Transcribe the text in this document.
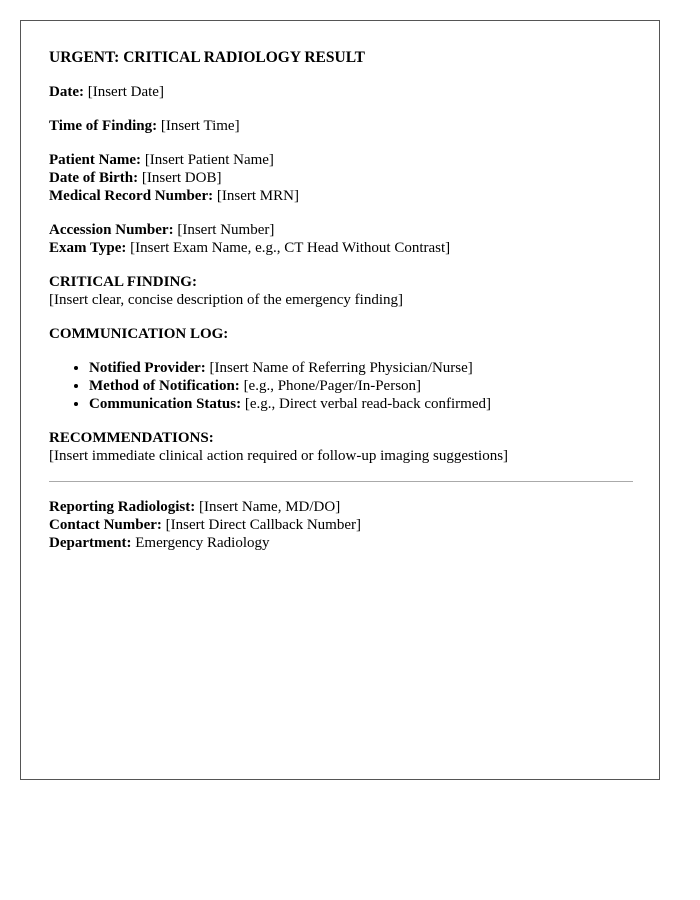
URGENT: CRITICAL RADIOLOGY RESULT
Date: [Insert Date]
Time of Finding: [Insert Time]
Patient Name: [Insert Patient Name]
Date of Birth: [Insert DOB]
Medical Record Number: [Insert MRN]
Accession Number: [Insert Number]
Exam Type: [Insert Exam Name, e.g., CT Head Without Contrast]
CRITICAL FINDING:
[Insert clear, concise description of the emergency finding]
COMMUNICATION LOG:
• Notified Provider: [Insert Name of Referring Physician/Nurse]
• Method of Notification: [e.g., Phone/Pager/In-Person]
• Communication Status: [e.g., Direct verbal read-back confirmed]
RECOMMENDATIONS:
[Insert immediate clinical action required or follow-up imaging suggestions]
Reporting Radiologist: [Insert Name, MD/DO]
Contact Number: [Insert Direct Callback Number]
Department: Emergency Radiology
